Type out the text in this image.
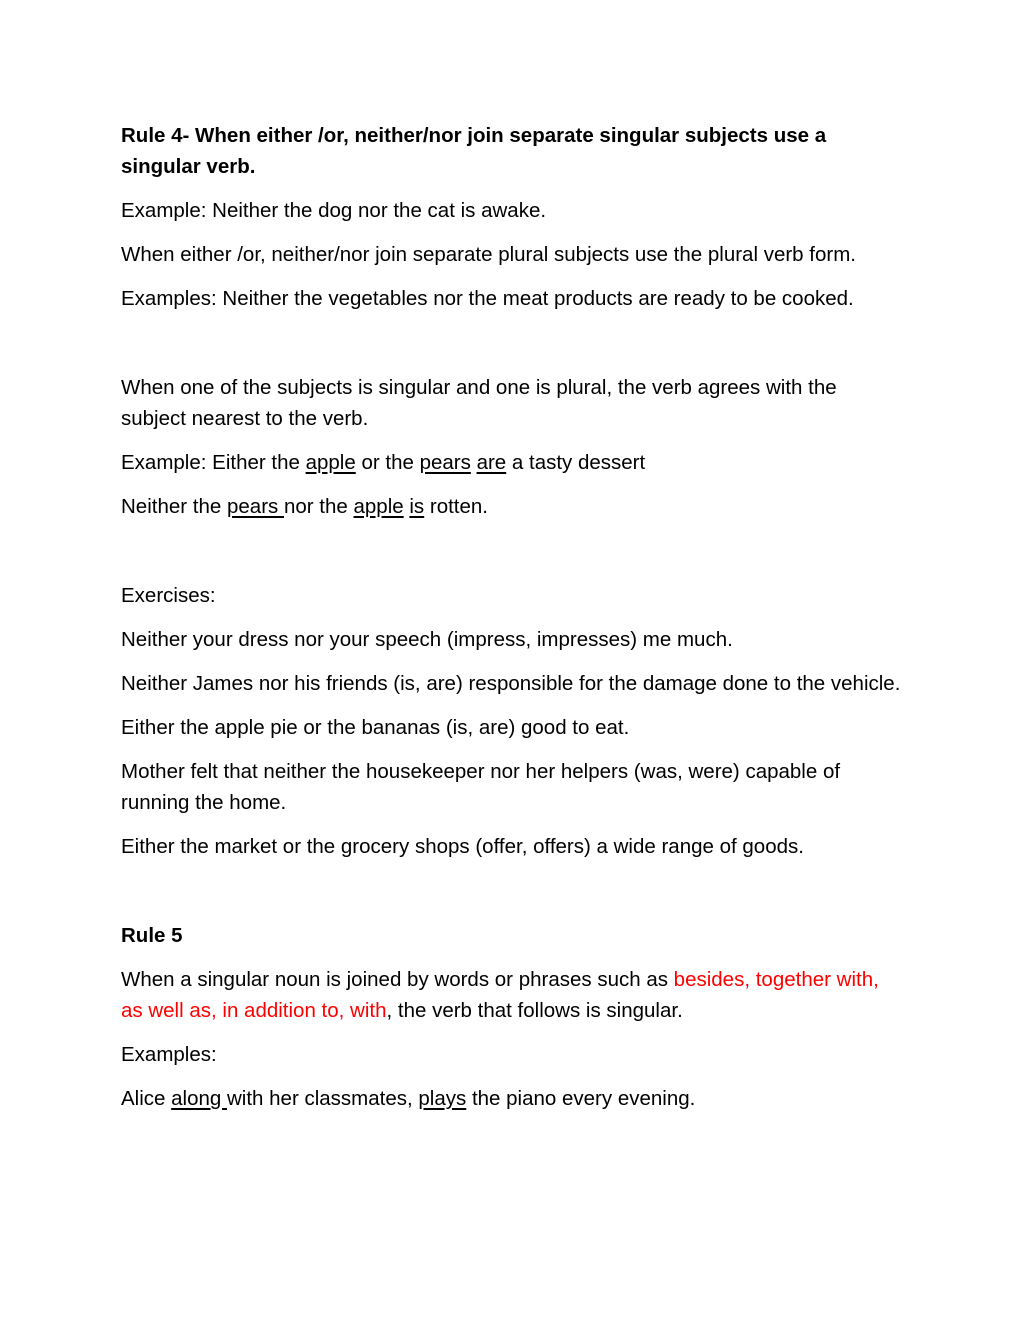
Rule 4- When either /or, neither/nor join separate singular subjects use a singular verb.

Example: Neither the dog nor the cat is awake.

When either /or, neither/nor join separate plural subjects use the plural verb form.

Examples: Neither the vegetables nor the meat products are ready to be cooked.

When one of the subjects is singular and one is plural, the verb agrees with the subject nearest to the verb.

Example: Either the apple or the pears are a tasty dessert

Neither the pears nor the apple is rotten.

Exercises:

Neither your dress nor your speech (impress, impresses) me much.

Neither James nor his friends (is, are) responsible for the damage done to the vehicle.

Either the apple pie or the bananas (is, are) good to eat.

Mother felt that neither the housekeeper nor her helpers (was, were) capable of running the home.

Either the market or the grocery shops (offer, offers) a wide range of goods.

Rule 5

When a singular noun is joined by words or phrases such as besides, together with, as well as, in addition to, with, the verb that follows is singular.

Examples:

Alice along with her classmates, plays the piano every evening.
